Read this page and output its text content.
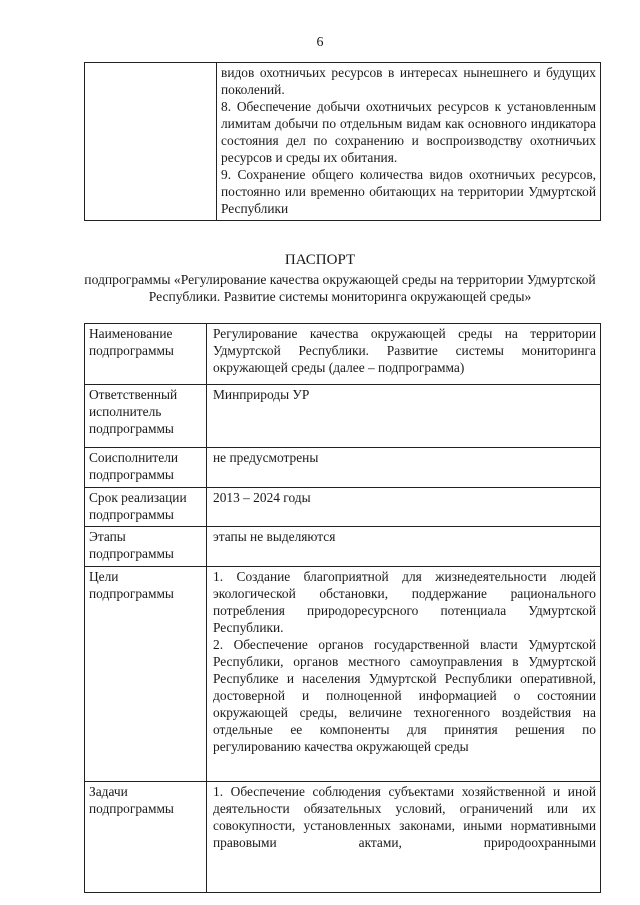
6

видов охотничьих ресурсов в интересах нынешнего и будущих поколений.

8. Обеспечение добычи охотничьих ресурсов к установленным лимитам добычи по отдельным видам как основного индикатора состояния дел по сохранению и воспроизводству охотничьих ресурсов и среды их обитания.

9. Сохранение общего количества видов охотничьих ресурсов, постоянно или временно обитающих на территории Удмуртской Республики

ПАСПОРТ
подпрограммы «Регулирование качества окружающей среды на территории Удмуртской Республики. Развитие системы мониторинга окружающей среды»
Наименование подпрограммы	Регулирование качества окружающей среды на территории Удмуртской Республики. Развитие системы мониторинга окружающей среды (далее – подпрограмма)
Ответственный исполнитель подпрограммы	Минприроды УР
Соисполнители подпрограммы	не предусмотрены
Срок реализации подпрограммы	2013 – 2024 годы
Этапы подпрограммы	этапы не выделяются
Цели подпрограммы	1. Создание благоприятной для жизнедеятельности людей экологической обстановки, поддержание рационального потребления природоресурсного потенциала Удмуртской Республики.

2. Обеспечение органов государственной власти Удмуртской Республики, органов местного самоуправления в Удмуртской Республике и населения Удмуртской Республики оперативной, достоверной и полноценной информацией о состоянии окружающей среды, величине техногенного воздействия на отдельные ее компоненты для принятия решения по регулированию качества окружающей среды

Задачи подпрограммы	1. Обеспечение соблюдения субъектами хозяйственной и иной деятельности обязательных условий, ограничений или их совокупности, установленных законами, иными нормативными правовыми актами, природоохранными
